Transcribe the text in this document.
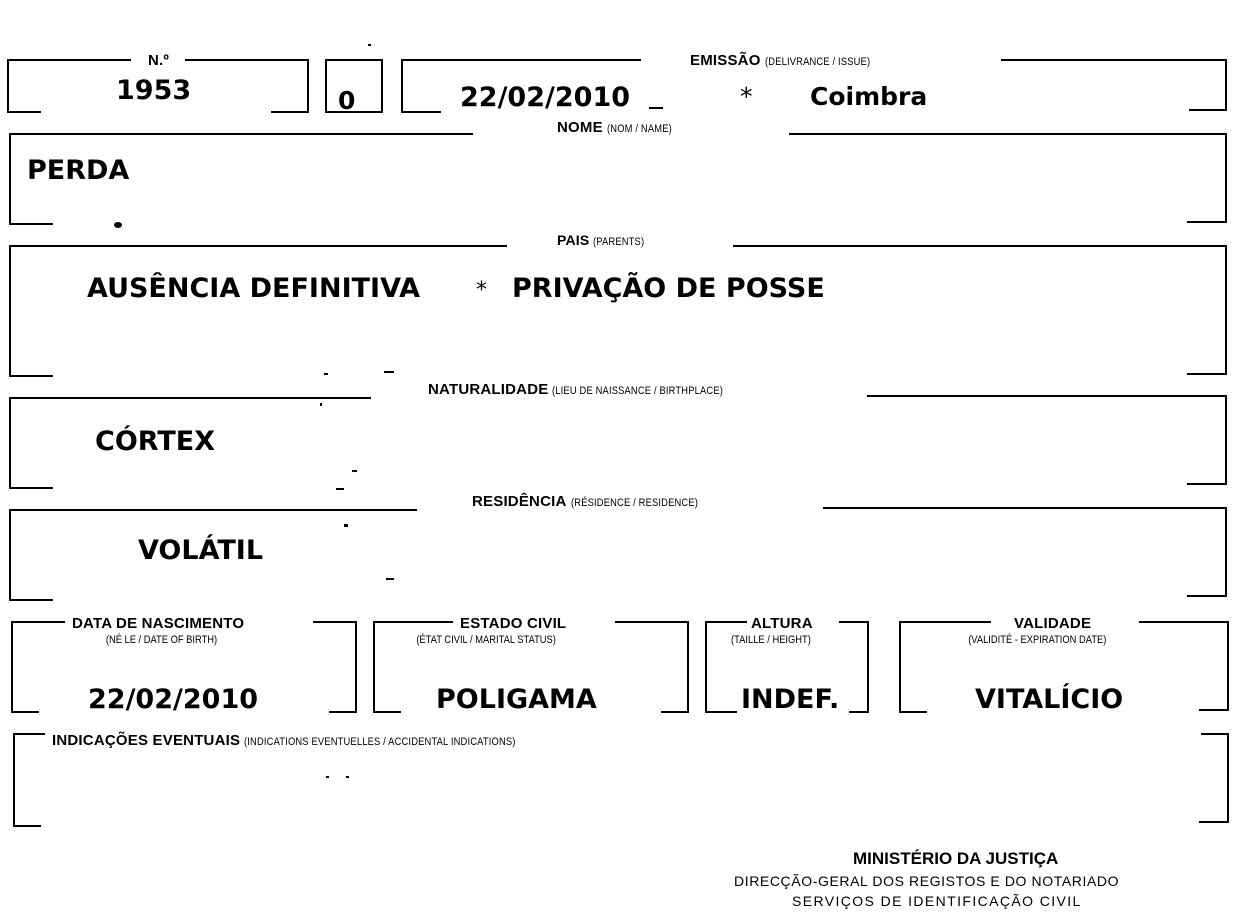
N.º	EMISSÃO (DELIVRANCE / ISSUE)
1953	0	22/02/2010	* Coimbra
NOME (NOM / NAME)
PERDA
PAIS (PARENTS)
AUSÊNCIA DEFINITIVA	* PRIVAÇÃO DE POSSE
NATURALIDADE (LIEU DE NAISSANCE / BIRTHPLACE)
CÓRTEX
RESIDÊNCIA (RÉSIDENCE / RESIDENCE)
VOLÁTIL
DATA DE NASCIMENTO
(NÉ LE / DATE OF BIRTH)
22/02/2010
ESTADO CIVIL
(ÉTAT CIVIL / MARITAL STATUS)
POLIGAMA
ALTURA
(TAILLE / HEIGHT)
INDEF.
VALIDADE
(VALIDITÉ - EXPIRATION DATE)
VITALÍCIO
INDICAÇÕES EVENTUAIS (INDICATIONS EVENTUELLES / ACCIDENTAL INDICATIONS)
MINISTÉRIO DA JUSTIÇA
DIRECÇÃO-GERAL DOS REGISTOS E DO NOTARIADO
SERVIÇOS DE IDENTIFICAÇÃO CIVIL
